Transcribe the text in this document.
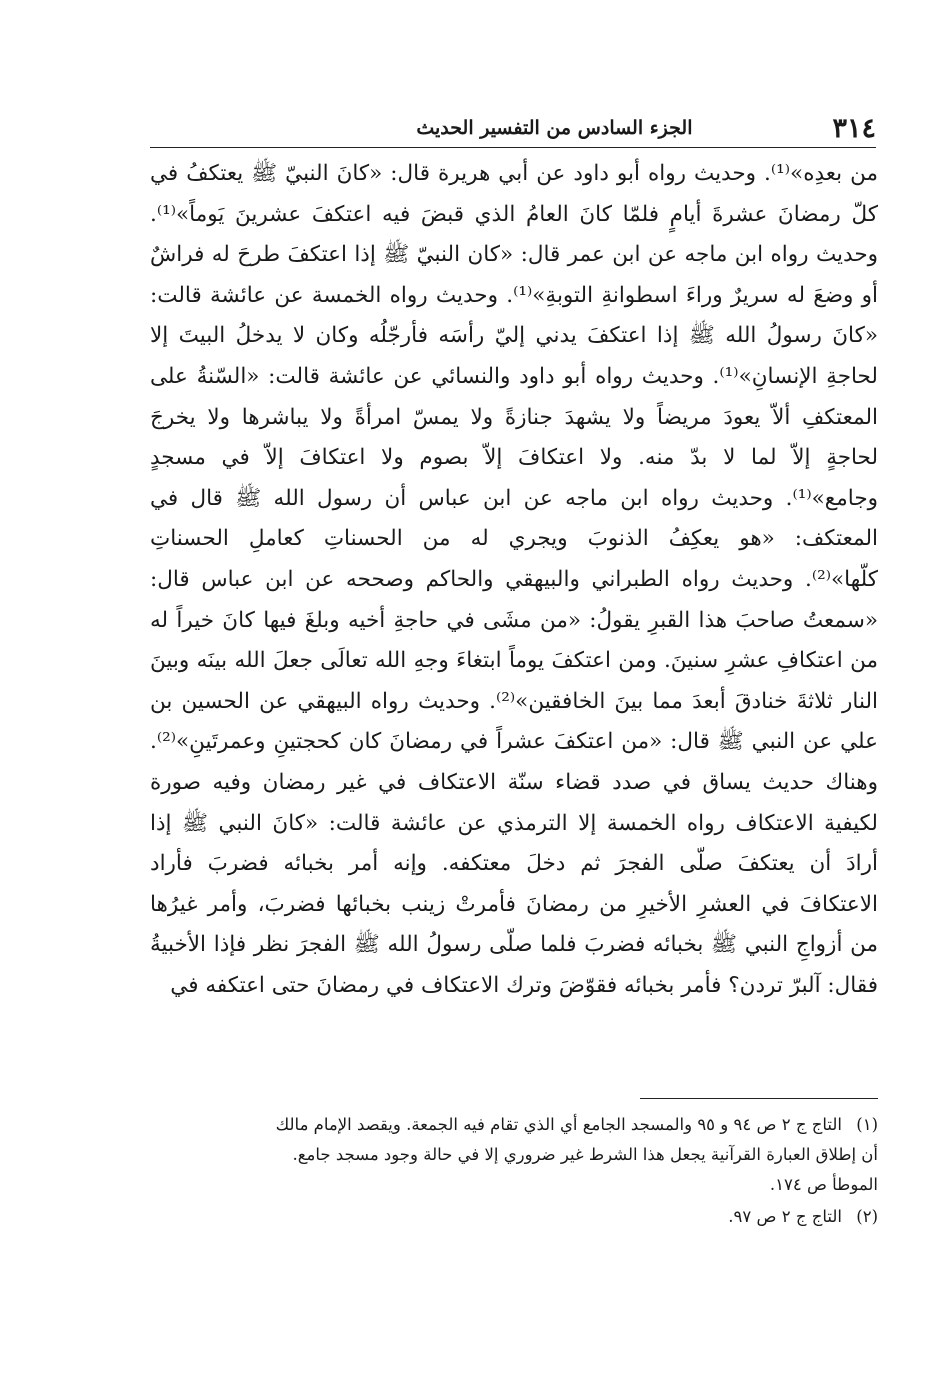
٣١٤
الجزء السادس من التفسير الحديث
من بعدِه»⁽¹⁾. وحديث رواه أبو داود عن أبي هريرة قال: «كانَ النبيّ ﷺ يعتكفُ في
كلّ رمضانَ عشرةَ أيامٍ فلمّا كانَ العامُ الذي قبضَ فيه اعتكفَ عشرينَ يَوماً»⁽¹⁾.
وحديث رواه ابن ماجه عن ابن عمر قال: «كان النبيّ ﷺ إذا اعتكفَ طرحَ له فراشٌ
أو وضعَ له سريرٌ وراءَ اسطوانةِ التوبةِ»⁽¹⁾. وحديث رواه الخمسة عن عائشة قالت:
«كانَ رسولُ الله ﷺ إذا اعتكفَ يدني إليّ رأسَه فأرجّلُه وكان لا يدخلُ البيتَ إلا
لحاجةِ الإنسانِ»⁽¹⁾. وحديث رواه أبو داود والنسائي عن عائشة قالت: «السّنةُ على
المعتكفِ ألاّ يعودَ مريضاً ولا يشهدَ جنازةً ولا يمسّ امرأةً ولا يباشرها ولا يخرجَ
لحاجةٍ إلاّ لما لا بدّ منه. ولا اعتكافَ إلاّ بصوم ولا اعتكافَ إلاّ في مسجدٍ
وجامع»⁽¹⁾. وحديث رواه ابن ماجه عن ابن عباس أن رسول الله ﷺ قال في
المعتكف: «هو يعكِفُ الذنوبَ ويجري له من الحسناتِ كعاملِ الحسناتِ
كلّها»⁽²⁾. وحديث رواه الطبراني والبيهقي والحاكم وصححه عن ابن عباس قال:
«سمعتُ صاحبَ هذا القبرِ يقولُ: «من مشَى في حاجةِ أخيه وبلغَ فيها كانَ خيراً له
من اعتكافِ عشرِ سنينَ. ومن اعتكفَ يوماً ابتغاءَ وجهِ الله تعالَى جعلَ الله بينَه وبينَ
النار ثلاثةَ خنادقَ أبعدَ مما بينَ الخافقين»⁽²⁾. وحديث رواه البيهقي عن الحسين بن
علي عن النبي ﷺ قال: «من اعتكفَ عشراً في رمضانَ كان كحجتينِ وعمرتَينِ»⁽²⁾.
وهناك حديث يساق في صدد قضاء سنّة الاعتكاف في غير رمضان وفيه صورة
لكيفية الاعتكاف رواه الخمسة إلا الترمذي عن عائشة قالت: «كانَ النبي ﷺ إذا
أرادَ أن يعتكفَ صلّى الفجرَ ثم دخلَ معتكفه. وإنه أمر بخبائه فضربَ فأراد
الاعتكافَ في العشرِ الأخيرِ من رمضانَ فأمرتْ زينب بخبائها فضربَ، وأمر غيرُها
من أزواجِ النبي ﷺ بخبائه فضربَ فلما صلّى رسولُ الله ﷺ الفجرَ نظر فإذا الأخبيةُ
فقال: آلبرّ تردن؟ فأمر بخبائه فقوّضَ وترك الاعتكاف في رمضانَ حتى اعتكفه في
(١)التاج ج ٢ ص ٩٤ و ٩٥ والمسجد الجامع أي الذي تقام فيه الجمعة. ويقصد الإمام مالك
أن إطلاق العبارة القرآنية يجعل هذا الشرط غير ضروري إلا في حالة وجود مسجد جامع.
الموطأ ص ١٧٤.
(٢)التاج ج ٢ ص ٩٧.
